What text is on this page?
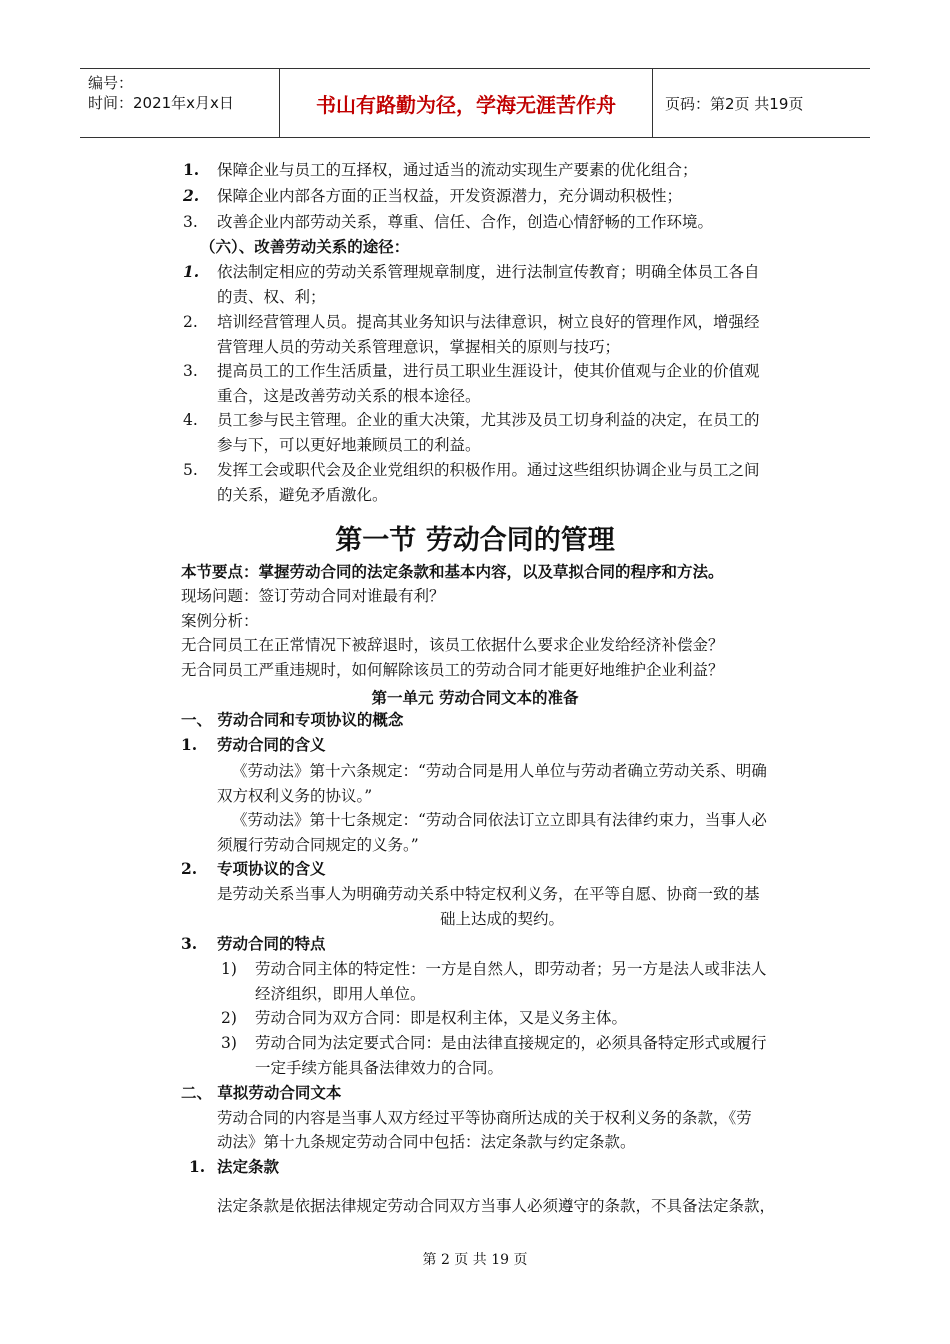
编号：
时间：2021年x月x日	书山有路勤为径，学海无涯苦作舟	页码：第2页 共19页
1. 保障企业与员工的互择权，通过适当的流动实现生产要素的优化组合；
2. 保障企业内部各方面的正当权益，开发资源潜力，充分调动积极性；
3. 改善企业内部劳动关系，尊重、信任、合作，创造心情舒畅的工作环境。
（六）、改善劳动关系的途径：
1. 依法制定相应的劳动关系管理规章制度，进行法制宣传教育；明确全体员工各自
的责、权、利；
2. 培训经营管理人员。提高其业务知识与法律意识，树立良好的管理作风，增强经
营管理人员的劳动关系管理意识，掌握相关的原则与技巧；
3. 提高员工的工作生活质量，进行员工职业生涯设计，使其价值观与企业的价值观
重合，这是改善劳动关系的根本途径。
4. 员工参与民主管理。企业的重大决策，尤其涉及员工切身利益的决定，在员工的
参与下，可以更好地兼顾员工的利益。
5. 发挥工会或职代会及企业党组织的积极作用。通过这些组织协调企业与员工之间
的关系，避免矛盾激化。
第一节 劳动合同的管理
本节要点：掌握劳动合同的法定条款和基本内容，以及草拟合同的程序和方法。
现场问题：签订劳动合同对谁最有利？
案例分析：
无合同员工在正常情况下被辞退时，该员工依据什么要求企业发给经济补偿金？
无合同员工严重违规时，如何解除该员工的劳动合同才能更好地维护企业利益？
第一单元 劳动合同文本的准备
一、 劳动合同和专项协议的概念
1. 劳动合同的含义
《劳动法》第十六条规定：“劳动合同是用人单位与劳动者确立劳动关系、明确
双方权利义务的协议。”
《劳动法》第十七条规定：“劳动合同依法订立立即具有法律约束力，当事人必
须履行劳动合同规定的义务。”
2. 专项协议的含义
是劳动关系当事人为明确劳动关系中特定权利义务，在平等自愿、协商一致的基
础上达成的契约。
3. 劳动合同的特点
1) 劳动合同主体的特定性：一方是自然人，即劳动者；另一方是法人或非法人
经济组织，即用人单位。
2) 劳动合同为双方合同：即是权利主体，又是义务主体。
3) 劳动合同为法定要式合同：是由法律直接规定的，必须具备特定形式或履行
一定手续方能具备法律效力的合同。
二、 草拟劳动合同文本
劳动合同的内容是当事人双方经过平等协商所达成的关于权利义务的条款，《劳
动法》第十九条规定劳动合同中包括：法定条款与约定条款。
1. 法定条款
法定条款是依据法律规定劳动合同双方当事人必须遵守的条款，不具备法定条款，
第 2 页 共 19 页
